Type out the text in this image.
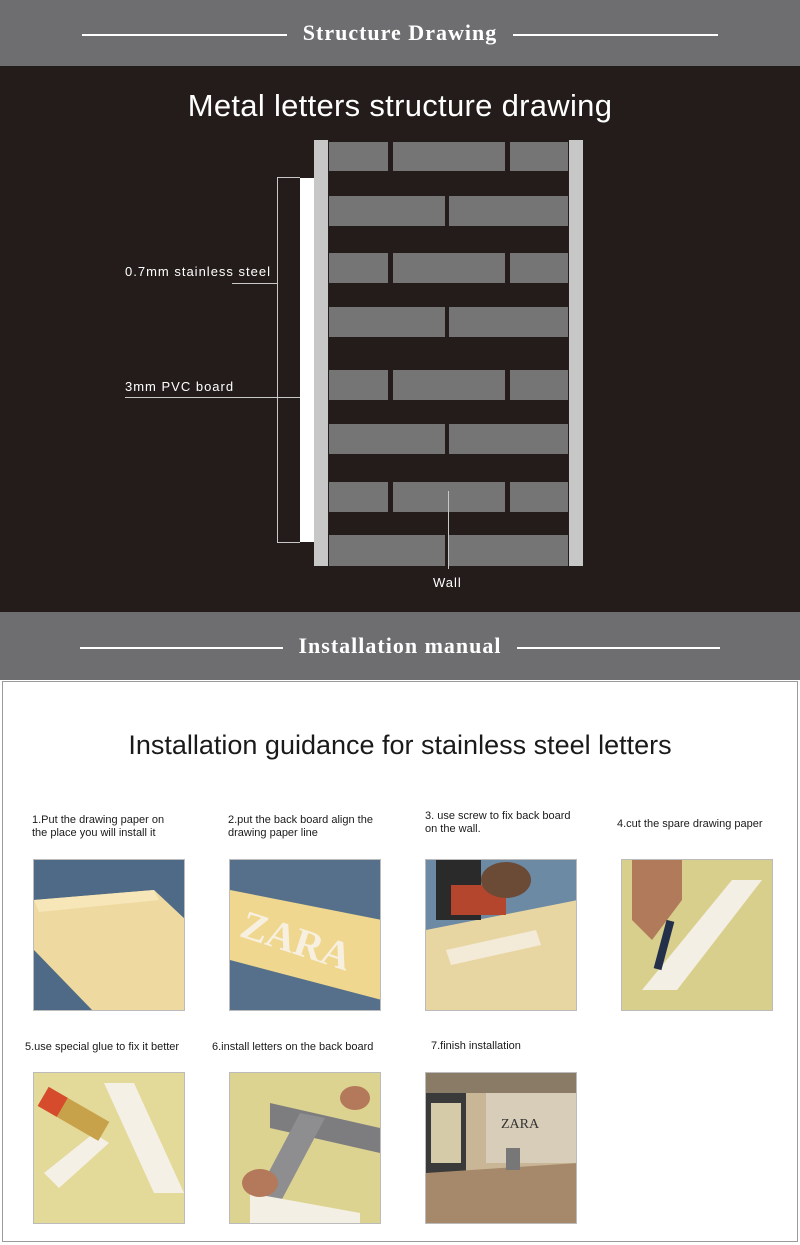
Structure Drawing
Metal letters structure drawing
0.7mm stainless steel
3mm PVC board
Wall
Installation manual
Installation guidance for stainless steel letters
1.Put the drawing paper on
the place you will install it
2.put the back board align the
drawing paper line
3. use screw to fix back board
on the wall.	4.cut the spare drawing paper
5.use special glue to fix it better	6.install letters on the back board	7.finish installation
ZARA
ZARA
